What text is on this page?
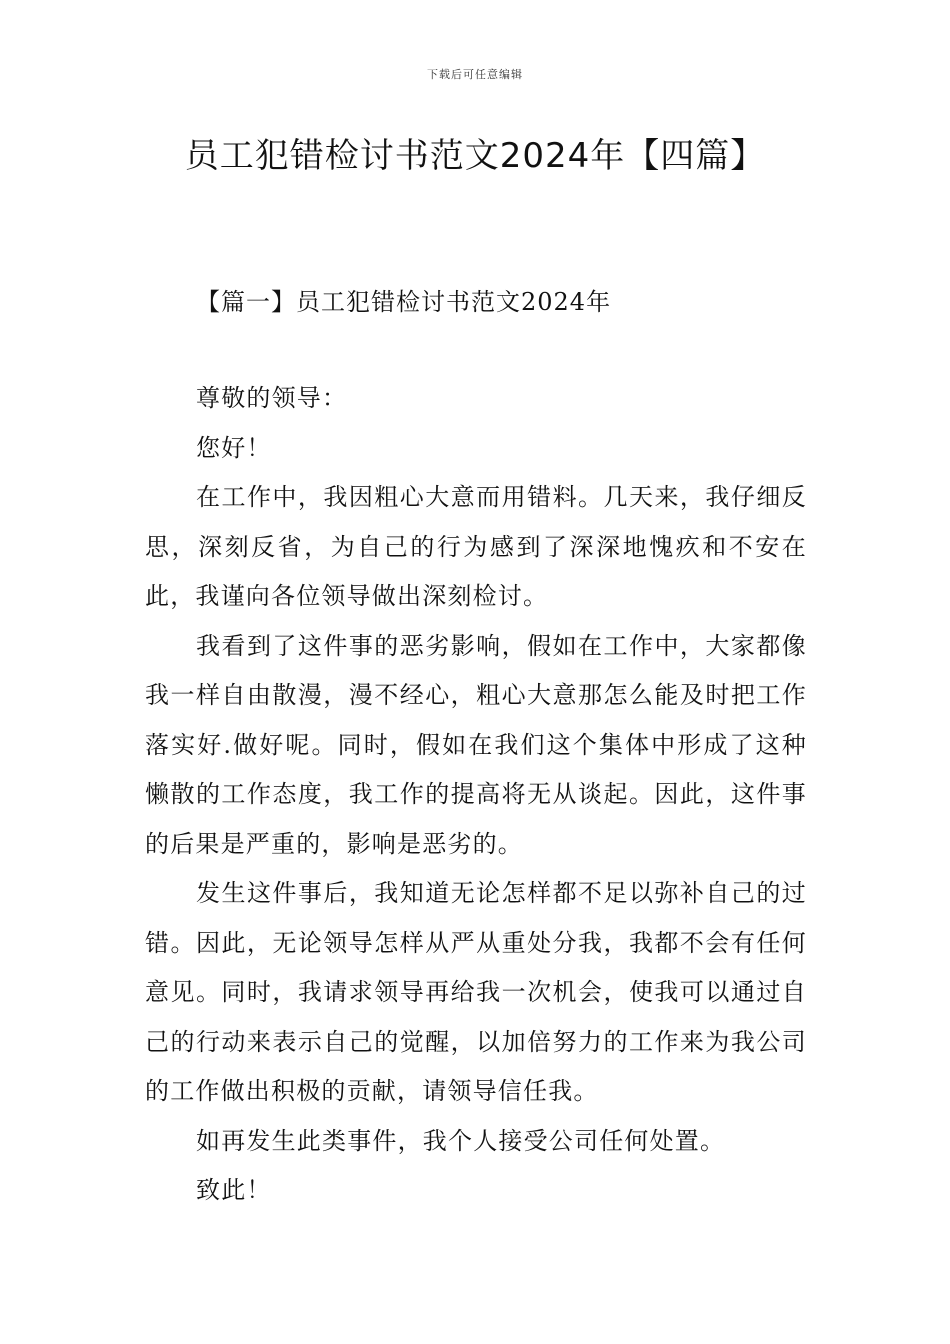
下载后可任意编辑
员工犯错检讨书范文2024年【四篇】
【篇一】员工犯错检讨书范文2024年

尊敬的领导：

您好！

在工作中，我因粗心大意而用错料。几天来，我仔细反思，深刻反省，为自己的行为感到了深深地愧疚和不安在此，我谨向各位领导做出深刻检讨。

我看到了这件事的恶劣影响，假如在工作中，大家都像我一样自由散漫，漫不经心，粗心大意那怎么能及时把工作落实好.做好呢。同时，假如在我们这个集体中形成了这种懒散的工作态度，我工作的提高将无从谈起。因此，这件事的后果是严重的，影响是恶劣的。

发生这件事后，我知道无论怎样都不足以弥补自己的过错。因此，无论领导怎样从严从重处分我，我都不会有任何意见。同时，我请求领导再给我一次机会，使我可以通过自己的行动来表示自己的觉醒，以加倍努力的工作来为我公司的工作做出积极的贡献，请领导信任我。

如再发生此类事件，我个人接受公司任何处置。

致此！
